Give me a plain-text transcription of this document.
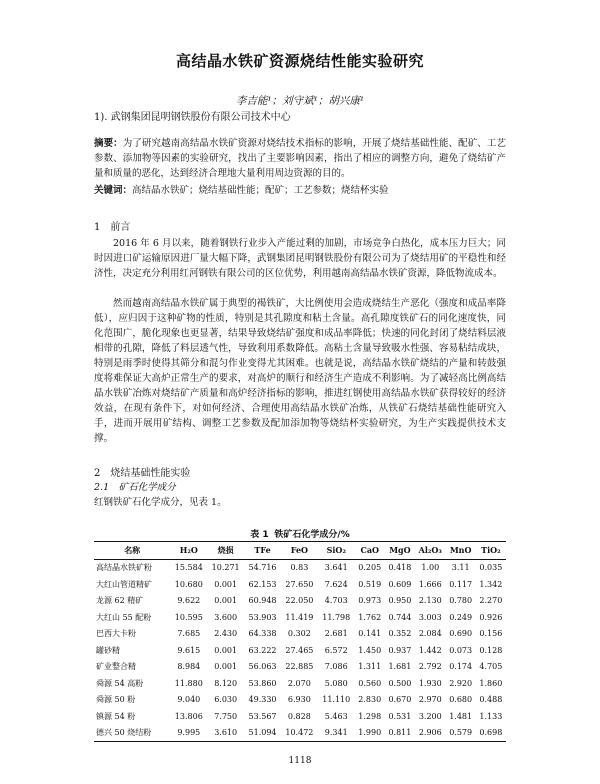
高结晶水铁矿资源烧结性能实验研究
李吉能¹；刘守斌¹；胡兴康¹
1). 武钢集团昆明钢铁股份有限公司技术中心
摘要：为了研究越南高结晶水铁矿资源对烧结技术指标的影响，开展了烧结基础性能、配矿、工艺参数、添加物等因素的实验研究，找出了主要影响因素，指出了相应的调整方向，避免了烧结矿产量和质量的恶化，达到经济合理地大量利用周边资源的目的。
关键词：高结晶水铁矿；烧结基础性能；配矿；工艺参数；烧结杯实验
1　前言

2016 年 6 月以来，随着钢铁行业步入产能过剩的加剧，市场竞争白热化，成本压力巨大；同时因进口矿运输原因进厂量大幅下降，武钢集团昆明钢铁股份有限公司为了烧结用矿的平稳性和经济性，决定充分利用红河钢铁有限公司的区位优势，利用越南高结晶水铁矿资源，降低物流成本。

然而越南高结晶水铁矿属于典型的褐铁矿，大比例使用会造成烧结生产恶化（强度和成品率降低），应归因于这种矿物的性质，特别是其孔隙度和粘土含量。高孔隙度铁矿石的同化速度快，同化范围广，脆化现象也更显著，结果导致烧结矿强度和成品率降低；快速的同化封闭了烧结料层液相带的孔隙，降低了料层透气性，导致利用系数降低。高粘土含量导致吸水性强、容易粘结成块，特别是雨季时使得其筛分和混匀作业变得尤其困难。也就是说，高结晶水铁矿烧结的产量和转鼓强度将难保证大高炉正常生产的要求，对高炉的顺行和经济生产造成不利影响。为了减轻高比例高结晶水铁矿冶炼对烧结矿产质量和高炉经济指标的影响，推进红钢使用高结晶水铁矿获得较好的经济效益，在现有条件下，对如何经济、合理使用高结晶水铁矿冶炼，从铁矿石烧结基础性能研究入手，进而开展用矿结构、调整工艺参数及配加添加物等烧结杯实验研究，为生产实践提供技术支撑。

2　烧结基础性能实验
2.1　矿石化学成分
红钢铁矿石化学成分，见表 1。
表 1 铁矿石化学成分/%
名称	H₂O	烧损	TFe	FeO	SiO₂	CaO	MgO	Al₂O₃	MnO	TiO₂
高结晶水铁矿粉	15.584	10.271	54.716	0.83	3.641	0.205	0.418	1.00	3.11	0.035
大红山管道精矿	10.680	0.001	62.153	27.650	7.624	0.519	0.609	1.666	0.117	1.342
龙源 62 精矿	9.622	0.001	60.948	22.050	4.703	0.973	0.950	2.130	0.780	2.270
大红山 55 配粉	10.595	3.600	53.903	11.419	11.798	1.762	0.744	3.003	0.249	0.926
巴西大卡粉	7.685	2.430	64.338	0.302	2.681	0.141	0.352	2.084	0.690	0.156
罐砂精	9.615	0.001	63.222	27.465	6.572	1.450	0.937	1.442	0.073	0.128
矿业整合精	8.984	0.001	56.063	22.885	7.086	1.311	1.681	2.792	0.174	4.705
舜源 54 高粉	11.880	8.120	53.860	2.070	5.080	0.560	0.500	1.930	2.920	1.860
舜源 50 粉	9.040	6.030	49.330	6.930	11.110	2.830	0.670	2.970	0.680	0.488
镇源 54 粉	13.806	7.750	53.567	0.828	5.463	1.298	0.531	3.200	1.481	1.133
德兴 50 烧结粉	9.995	3.610	51.094	10.472	9.341	1.990	0.811	2.906	0.579	0.698
1118
